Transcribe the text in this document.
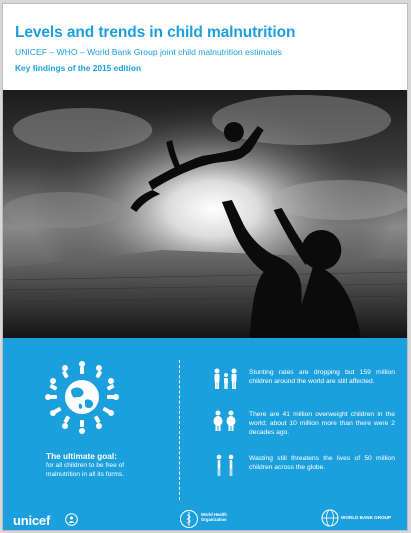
Levels and trends in child malnutrition
UNICEF – WHO – World Bank Group joint child malnutrition estimates
Key findings of the 2015 edition
The ultimate goal:
for all children to be free of malnutrition in all its forms.
Stunting rates are dropping but 159 million children around the world are still affected.
There are 41 million overweight children in the world; about 10 million more than there were 2 decades ago.
Wasting still threatens the lives of 50 million children across the globe.
unicef	World Health
Organization	WORLD BANK GROUP
